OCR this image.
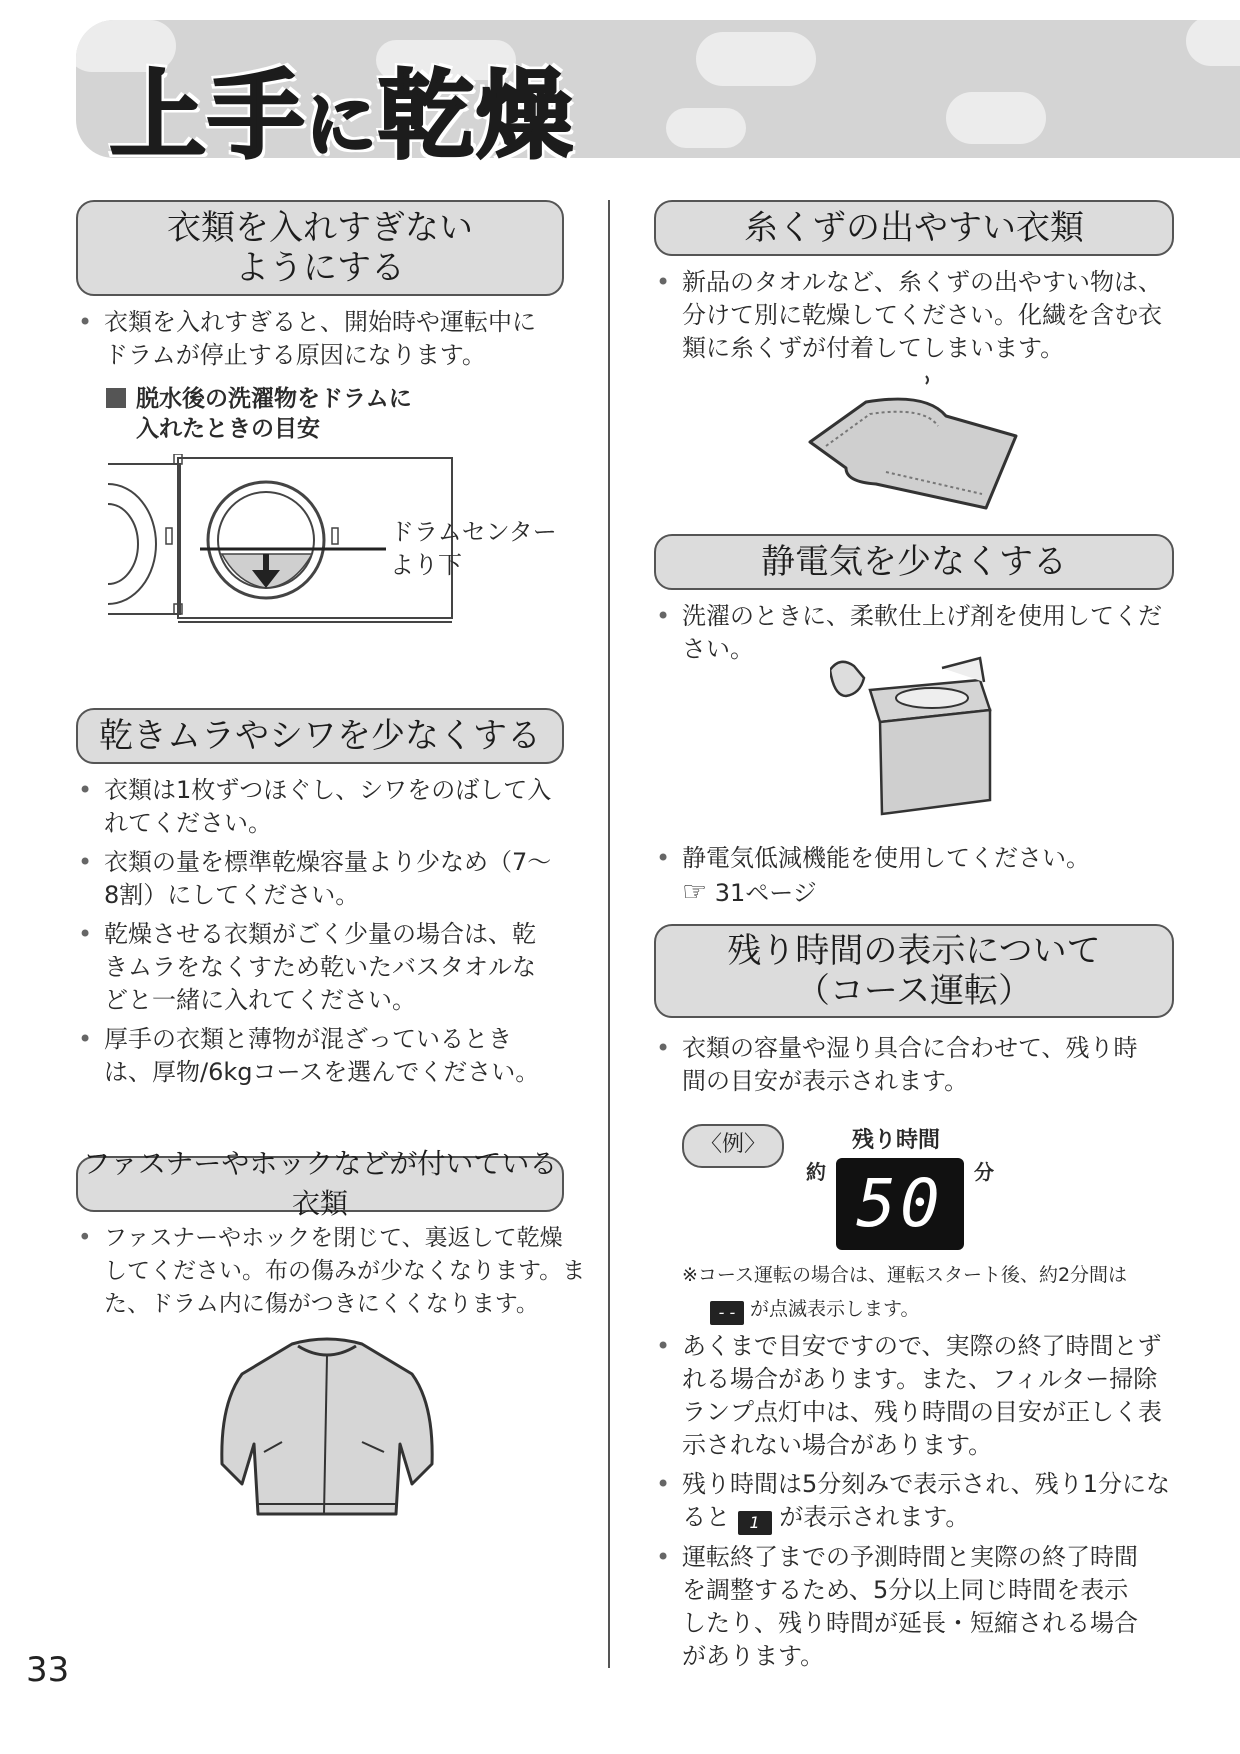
上手に乾燥
衣類を入れすぎない
ようにする
• 衣類を入れすぎると、開始時や運転中に
ドラムが停止する原因になります。
脱水後の洗濯物をドラムに
入れたときの目安
ドラムセンター
より下
乾きムラやシワを少なくする
• 衣類は1枚ずつほぐし、シワをのばして入
れてください。
• 衣類の量を標準乾燥容量より少なめ（7～
8割）にしてください。
• 乾燥させる衣類がごく少量の場合は、乾
きムラをなくすため乾いたバスタオルな
どと一緒に入れてください。
• 厚手の衣類と薄物が混ざっているとき
は、厚物/6kgコースを選んでください。
ファスナーやホックなどが付いている衣類
• ファスナーやホックを閉じて、裏返して乾燥
してください。布の傷みが少なくなります。ま
た、ドラム内に傷がつきにくくなります。
33
糸くずの出やすい衣類
• 新品のタオルなど、糸くずの出やすい物は、
分けて別に乾燥してください。化繊を含む衣
類に糸くずが付着してしまいます。
静電気を少なくする
• 洗濯のときに、柔軟仕上げ剤を使用してくだ
さい。
• 静電気低減機能を使用してください。
☞ 31ページ
残り時間の表示について
（コース運転）
• 衣類の容量や湿り具合に合わせて、残り時
間の目安が表示されます。
〈例〉	残り時間
約 50	分
※コース運転の場合は、運転スタート後、約2分間は
- - が点滅表示します。
• あくまで目安ですので、実際の終了時間とず
れる場合があります。また、フィルター掃除
ランプ点灯中は、残り時間の目安が正しく表
示されない場合があります。
• 残り時間は5分刻みで表示され、残り1分にな
ると 1 が表示されます。
• 運転終了までの予測時間と実際の終了時間
を調整するため、5分以上同じ時間を表示
したり、残り時間が延長・短縮される場合
があります。
